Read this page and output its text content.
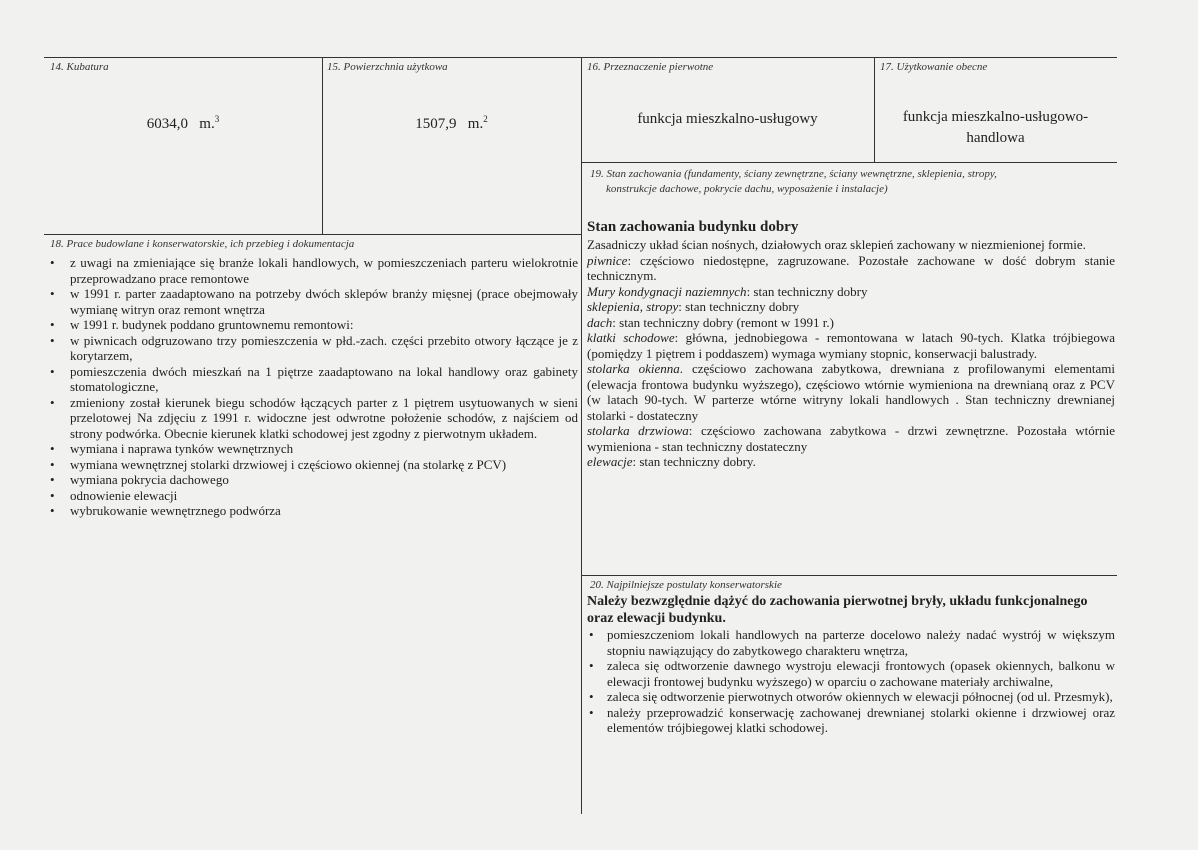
14. Kubatura
6034,0 m.$^3$
15. Powierzchnia użytkowa
1507,9 m.$^2$
16. Przeznaczenie pierwotne
funkcja mieszkalno-usługowy
17. Użytkowanie obecne
funkcja mieszkalno-usługowo-
handlowa
18. Prace budowlane i konserwatorskie, ich przebieg i dokumentacja
• z uwagi na zmieniające się branże lokali handlowych, w pomieszczeniach parteru wielokrotnie przeprowadzano prace remontowe
• w 1991 r. parter zaadaptowano na potrzeby dwóch sklepów branży mięsnej (prace obejmowały wymianę witryn oraz remont wnętrza
• w 1991 r. budynek poddano gruntownemu remontowi:
• w piwnicach odgruzowano trzy pomieszczenia w płd.-zach. części przebito otwory łączące je z korytarzem,
• pomieszczenia dwóch mieszkań na 1 piętrze zaadaptowano na lokal handlowy oraz gabinety stomatologiczne,
• zmieniony został kierunek biegu schodów łączących parter z 1 piętrem usytuowanych w sieni przelotowej Na zdjęciu z 1991 r. widoczne jest odwrotne położenie schodów, z najściem od strony podwórka. Obecnie kierunek klatki schodowej jest zgodny z pierwotnym układem.
• wymiana i naprawa tynków wewnętrznych
• wymiana wewnętrznej stolarki drzwiowej i częściowo okiennej (na stolarkę z PCV)
• wymiana pokrycia dachowego
• odnowienie elewacji
• wybrukowanie wewnętrznego podwórza
19. Stan zachowania (fundamenty, ściany zewnętrzne, ściany wewnętrzne, sklepienia, stropy,
konstrukcje dachowe, pokrycie dachu, wyposażenie i instalacje)

Stan zachowania budynku dobry

Zasadniczy układ ścian nośnych, działowych oraz sklepień zachowany w niezmienionej formie.

piwnice: częściowo niedostępne, zagruzowane. Pozostałe zachowane w dość dobrym stanie technicznym.

Mury kondygnacji naziemnych: stan techniczny dobry

sklepienia, stropy: stan techniczny dobry

dach: stan techniczny dobry (remont w 1991 r.)

klatki schodowe: główna, jednobiegowa - remontowana w latach 90-tych. Klatka trójbiegowa (pomiędzy 1 piętrem i poddaszem) wymaga wymiany stopnic, konserwacji balustrady.

stolarka okienna. częściowo zachowana zabytkowa, drewniana z profilowanymi elementami (elewacja frontowa budynku wyższego), częściowo wtórnie wymieniona na drewnianą oraz z PCV (w latach 90-tych. W parterze wtórne witryny lokali handlowych . Stan techniczny drewnianej stolarki - dostateczny

stolarka drzwiowa: częściowo zachowana zabytkowa - drzwi zewnętrzne. Pozostała wtórnie wymieniona - stan techniczny dostateczny

elewacje: stan techniczny dobry.

20. Najpilniejsze postulaty konserwatorskie

Należy bezwzględnie dążyć do zachowania pierwotnej bryły, układu funkcjonalnego oraz elewacji budynku.

• pomieszczeniom lokali handlowych na parterze docelowo należy nadać wystrój w większym stopniu nawiązujący do zabytkowego charakteru wnętrza,
• zaleca się odtworzenie dawnego wystroju elewacji frontowych (opasek okiennych, balkonu w elewacji frontowej budynku wyższego) w oparciu o zachowane materiały archiwalne,
• zaleca się odtworzenie pierwotnych otworów okiennych w elewacji północnej (od ul. Przesmyk),
• należy przeprowadzić konserwację zachowanej drewnianej stolarki okienne i drzwiowej oraz elementów trójbiegowej klatki schodowej.
